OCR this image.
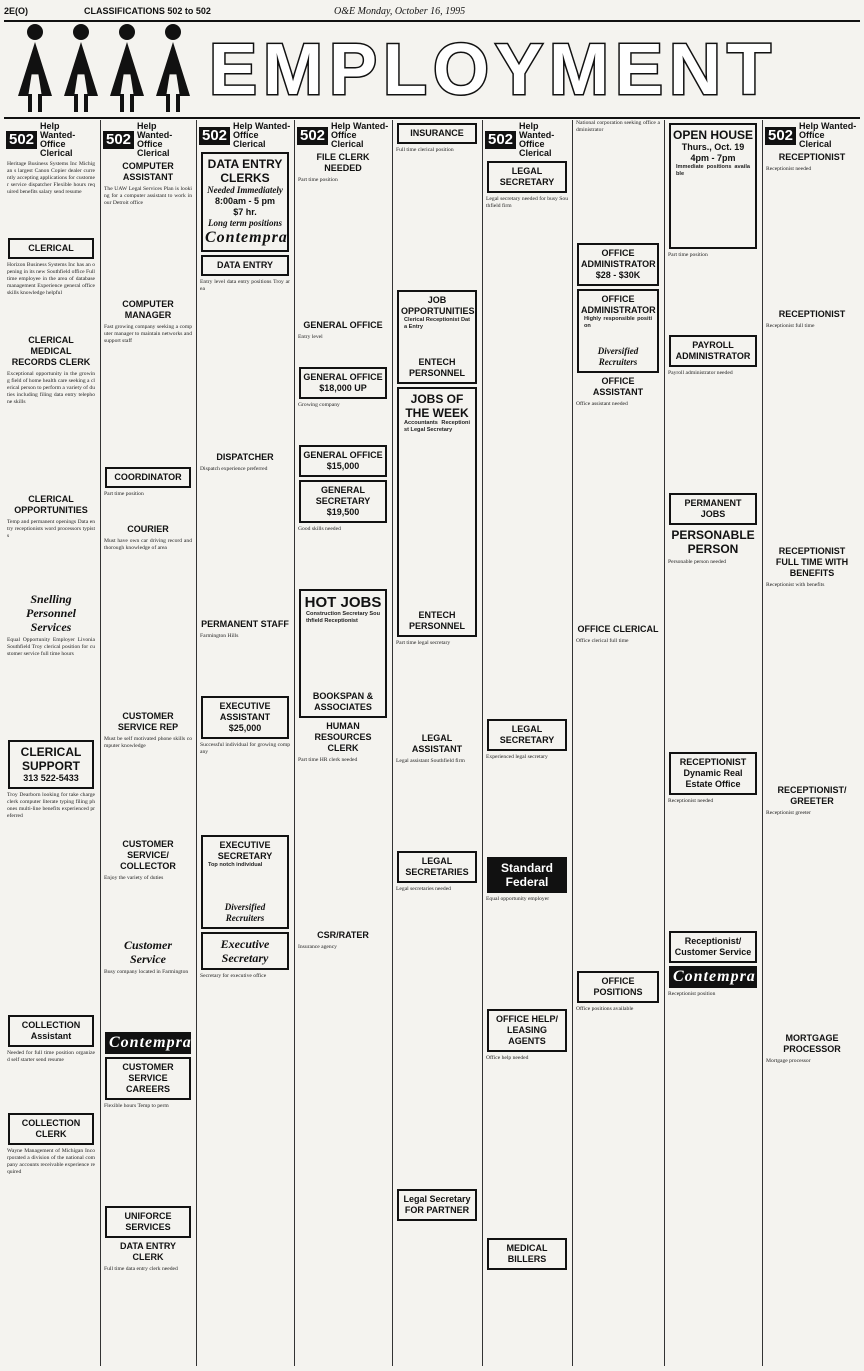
2E(O)	CLASSIFICATIONS 502 to 502	O&E Monday, October 16, 1995
EMPLOYMENT
502
Help Wanted-Office Clerical

Heritage Business Systems Inc Michigan s largest Canon Copier dealer currently accepting applications for customer service dispatcher Flexible hours required benefits salary send resume

CLERICAL

Horizon Business Systems Inc has an opening in its new Southfield office Full time employee in the area of database management Experience general office skills knowledge helpful

CLERICAL MEDICAL RECORDS CLERK

Exceptional opportunity in the growing field of home health care seeking a clerical person to perform a variety of duties including filing data entry telephone skills

CLERICAL OPPORTUNITIES

Temp and permanent openings Data entry receptionists word processors typists

Snelling Personnel Services

Equal Opportunity Employer Livonia Southfield Troy clerical position for customer service full time hours

CLERICAL SUPPORT
313 522-5433

Troy Dearborn looking for take charge clerk computer literate typing filing phones multi-line benefits experienced preferred

COLLECTION Assistant

Needed for full time position organized self starter send resume

COLLECTION CLERK

Wayne Management of Michigan Incorporated a division of the national company accounts receivable experience required

502
Help Wanted-Office Clerical
COMPUTER ASSISTANT

The UAW Legal Services Plan is looking for a computer assistant to work in our Detroit office

COMPUTER MANAGER

Fast growing company seeking a computer manager to maintain networks and support staff

COORDINATOR

Part time position

COURIER

Must have own car driving record and thorough knowledge of area

CUSTOMER SERVICE REP

Must be self motivated phone skills computer knowledge

CUSTOMER SERVICE/ COLLECTOR

Enjoy the variety of duties

Customer Service

Busy company located in Farmington

Contempra
CUSTOMER SERVICE CAREERS

Flexible hours Temp to perm

UNIFORCE SERVICES
DATA ENTRY CLERK

Full time data entry clerk needed

502
Help Wanted-Office Clerical
DATA ENTRY CLERKS
Needed Immediately
8:00am - 5 pm
$7 hr.
Long term positions
Contempra
DATA ENTRY

Entry level data entry positions Troy area

DISPATCHER

Dispatch experience preferred

PERMANENT STAFF

Farmington Hills

EXECUTIVE ASSISTANT
$25,000

Successful individual for growing company

EXECUTIVE SECRETARY

Top notch individual

Diversified Recruiters
Executive Secretary

Secretary for executive office

502
Help Wanted-Office Clerical
FILE CLERK NEEDED

Part time position

GENERAL OFFICE

Entry level

GENERAL OFFICE
$18,000 UP

Growing company

GENERAL OFFICE
$15,000
GENERAL SECRETARY
$19,500

Good skills needed

HOT JOBS

Construction Secretary Southfield Receptionist

BOOKSPAN & ASSOCIATES
HUMAN RESOURCES CLERK

Part time HR clerk needed

CSR/RATER

Insurance agency

INSURANCE

Full time clerical position

JOB OPPORTUNITIES

Clerical Receptionist Data Entry

ENTECH PERSONNEL
JOBS OF THE WEEK

Accountants Receptionist Legal Secretary

ENTECH PERSONNEL

Part time legal secretary

LEGAL ASSISTANT

Legal assistant Southfield firm

LEGAL SECRETARIES

Legal secretaries needed

Legal Secretary FOR PARTNER
502
Help Wanted-Office Clerical
LEGAL SECRETARY

Legal secretary needed for busy Southfield firm

LEGAL SECRETARY

Experienced legal secretary

Standard Federal

Equal opportunity employer

OFFICE HELP/ LEASING AGENTS

Office help needed

MEDICAL BILLERS

National corporation seeking office administrator

OFFICE ADMINISTRATOR
$28 - $30K
OFFICE ADMINISTRATOR

Highly responsible position

Diversified Recruiters
OFFICE ASSISTANT

Office assistant needed

OFFICE CLERICAL

Office clerical full time

OFFICE POSITIONS

Office positions available

OPEN HOUSE
Thurs., Oct. 19
4pm - 7pm

Immediate positions available

Part time position

PAYROLL ADMINISTRATOR

Payroll administrator needed

PERMANENT JOBS
PERSONABLE PERSON

Personable person needed

RECEPTIONIST Dynamic Real Estate Office

Receptionist needed

Receptionist/ Customer Service
Contempra

Receptionist position

502
Help Wanted-Office Clerical
RECEPTIONIST

Receptionist needed

RECEPTIONIST

Receptionist full time

RECEPTIONIST FULL TIME WITH BENEFITS

Receptionist with benefits

RECEPTIONIST/ GREETER

Receptionist greeter

MORTGAGE PROCESSOR

Mortgage processor
